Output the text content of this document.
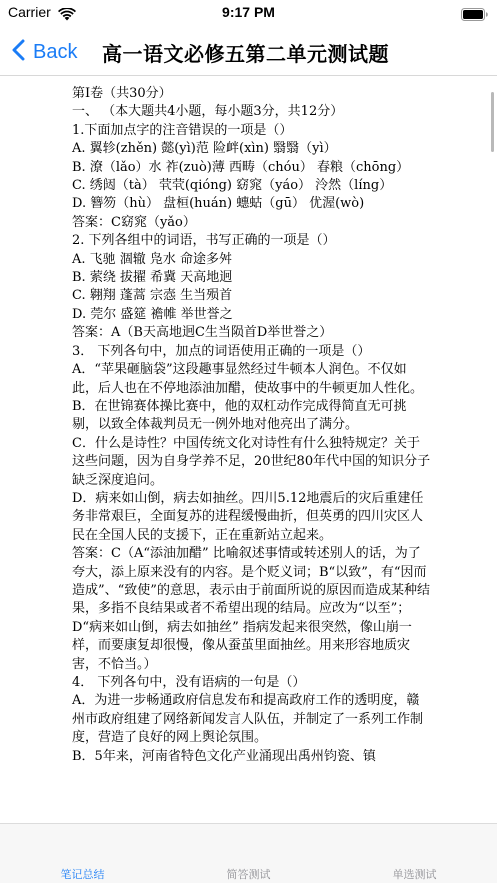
Carrier	9:17 PM
Back 高一语文必修五第二单元测试题

第Ⅰ卷（共30分）

一、 （本大题共4小题，每小题3分，共12分）

1.下面加点字的注音错误的一项是（）

A. 翼轸(zhěn) 懿(yì)范 险衅(xìn) 翳翳（yì）

B. 潦（lǎo）水 祚(zuò)薄 西畴（chóu） 春粮（chōng）

C. 绣闼（tà） 茕茕(qióng) 窈窕（yáo） 泠然（líng）

D. 簪笏（hù） 盘桓(huán) 蟪蛄（gū） 优渥(wò)

答案：C窈窕（yǎo）

2. 下列各组中的词语，书写正确的一项是（）

A. 飞驰 涸辙 凫水 命途多舛

B. 萦绕 拔擢 希冀 天高地迥

C. 翱翔 蓬蒿 宗悫 生当殒首

D. 莞尔 盛筵 襜帷 举世誉之

答案：A（B天高地迥C生当陨首D举世誉之）

3． 下列各句中，加点的词语使用正确的一项是（）

A．“苹果砸脑袋”这段趣事显然经过牛顿本人润色。不仅如此，后人也在不停地添油加醋，使故事中的牛顿更加人性化。

B．在世锦赛体操比赛中，他的双杠动作完成得简直无可挑剔，以致全体裁判员无一例外地对他亮出了满分。

C．什么是诗性？中国传统文化对诗性有什么独特规定？关于这些问题，因为自身学养不足，20世纪80年代中国的知识分子缺乏深度追问。

D．病来如山倒，病去如抽丝。四川5.12地震后的灾后重建任务非常艰巨，全面复苏的进程缓慢曲折，但英勇的四川灾区人民在全国人民的支援下，正在重新站立起来。

答案：C（A“添油加醋” 比喻叙述事情或转述别人的话，为了夸大，添上原来没有的内容。是个贬义词；B“以致”，有“因而造成”、“致使”的意思，表示由于前面所说的原因而造成某种结果，多指不良结果或者不希望出现的结局。应改为“以至”；D“病来如山倒，病去如抽丝” 指病发起来很突然，像山崩一样，而要康复却很慢，像从蚕茧里面抽丝。用来形容地质灾害，不恰当。）

4． 下列各句中，没有语病的一句是（）

A．为进一步畅通政府信息发布和提高政府工作的透明度，赣州市政府组建了网络新闻发言人队伍，并制定了一系列工作制度，营造了良好的网上舆论氛围。

B．5年来，河南省特色文化产业涌现出禹州钧瓷、镇

笔记总结	简答测试	单选测试
